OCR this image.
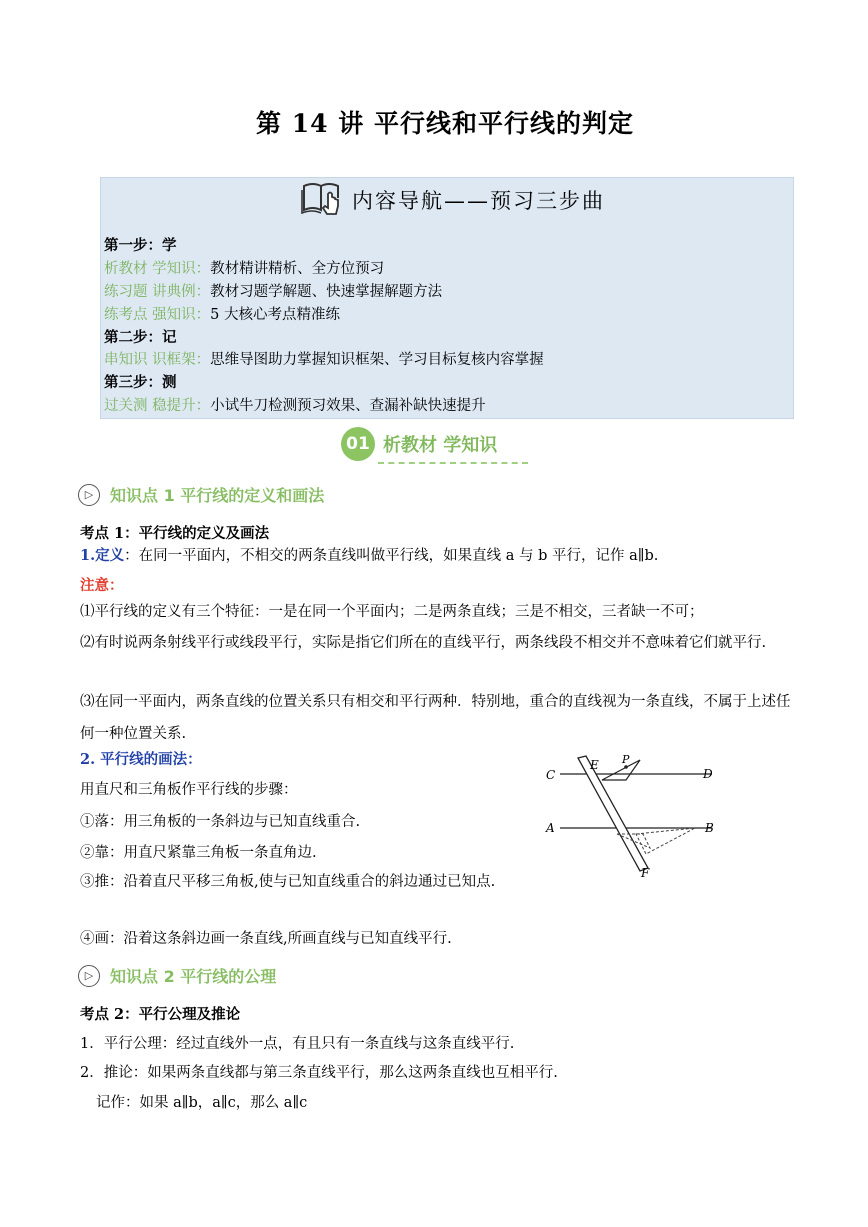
第 14 讲 平行线和平行线的判定
内容导航——预习三步曲
第一步：学
析教材 学知识：教材精讲精析、全方位预习
练习题 讲典例：教材习题学解题、快速掌握解题方法
练考点 强知识：5 大核心考点精准练
第二步：记
串知识 识框架：思维导图助力掌握知识框架、学习目标复核内容掌握
第三步：测
过关测 稳提升：小试牛刀检测预习效果、查漏补缺快速提升
01 析教材 学知识
▷	知识点 1 平行线的定义和画法
考点 1：平行线的定义及画法
1.定义：在同一平面内，不相交的两条直线叫做平行线，如果直线 a 与 b 平行，记作 a∥b.
注意：
⑴平行线的定义有三个特征：一是在同一个平面内；二是两条直线；三是不相交，三者缺一不可；
⑵有时说两条射线平行或线段平行，实际是指它们所在的直线平行，两条线段不相交并不意味着它们就平行.
⑶在同一平面内，两条直线的位置关系只有相交和平行两种．特别地，重合的直线视为一条直线，不属于上述任何一种位置关系.
2. 平行线的画法：
用直尺和三角板作平行线的步骤：
①落：用三角板的一条斜边与已知直线重合.
②靠：用直尺紧靠三角板一条直角边.
③推：沿着直尺平移三角板,使与已知直线重合的斜边通过已知点.
④画：沿着这条斜边画一条直线,所画直线与已知直线平行.
C
E P
D
A	B
F
▷	知识点 2 平行线的公理
考点 2：平行公理及推论
1．平行公理：经过直线外一点，有且只有一条直线与这条直线平行.
2．推论：如果两条直线都与第三条直线平行，那么这两条直线也互相平行.
记作：如果 a∥b，a∥c，那么 a∥c
